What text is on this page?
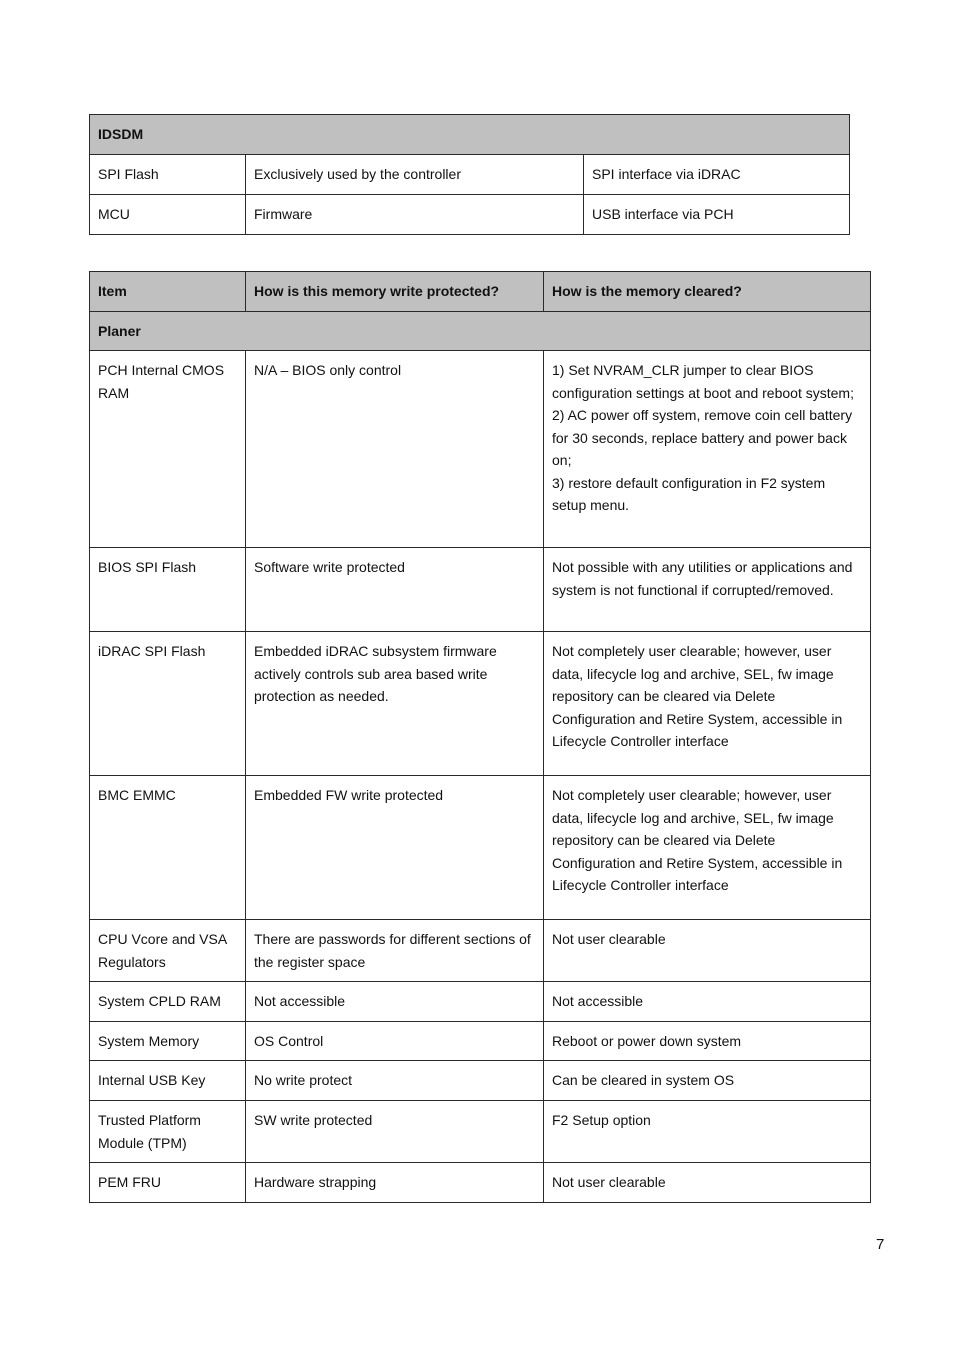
IDSDM		
SPI Flash	Exclusively used by the controller	SPI interface via iDRAC
MCU	Firmware	USB interface via PCH
Item	How is this memory write protected?	How is the memory cleared?
Planer		
PCH Internal CMOS RAM	N/A – BIOS only control	1) Set NVRAM_CLR jumper to clear BIOS configuration settings at boot and reboot system;
2) AC power off system, remove coin cell battery for 30 seconds, replace battery and power back on;
3) restore default configuration in F2 system setup menu.

BIOS SPI Flash	Software write protected	Not possible with any utilities or applications and system is not functional if corrupted/removed.
iDRAC SPI Flash	Embedded iDRAC subsystem firmware actively controls sub area based write protection as needed.	Not completely user clearable; however, user data, lifecycle log and archive, SEL, fw image repository can be cleared via Delete Configuration and Retire System, accessible in Lifecycle Controller interface
BMC EMMC	Embedded FW write protected	Not completely user clearable; however, user data, lifecycle log and archive, SEL, fw image repository can be cleared via Delete Configuration and Retire System, accessible in Lifecycle Controller interface
CPU Vcore and VSA Regulators	There are passwords for different sections of the register space	Not user clearable
System CPLD RAM	Not accessible	Not accessible
System Memory	OS Control	Reboot or power down system
Internal USB Key	No write protect	Can be cleared in system OS
Trusted Platform Module (TPM)	SW write protected	F2 Setup option
PEM FRU	Hardware strapping	Not user clearable
7
